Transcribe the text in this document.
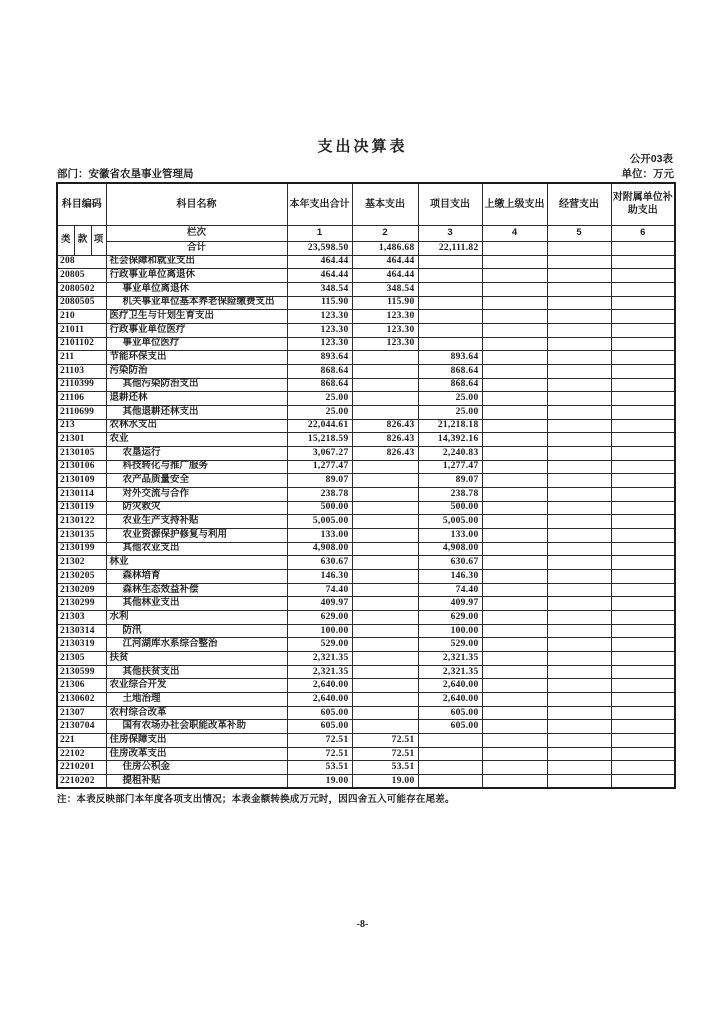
支出决算表
公开03表
部门：安徽省农垦事业管理局	单位：万元
科目编码			科目名称	本年支出合计	基本支出	项目支出	上缴上级支出	经营支出	对附属单位补助支出
类	款	项	栏次	1	2	3	4	5	6
			合计	23,598.50	1,486.68	22,111.82			
208			社会保障和就业支出	464.44	464.44				
20805			行政事业单位离退休	464.44	464.44				
2080502			事业单位离退休	348.54	348.54				
2080505			机关事业单位基本养老保险缴费支出	115.90	115.90				
210			医疗卫生与计划生育支出	123.30	123.30				
21011			行政事业单位医疗	123.30	123.30				
2101102			事业单位医疗	123.30	123.30				
211			节能环保支出	893.64		893.64			
21103			污染防治	868.64		868.64			
2110399			其他污染防治支出	868.64		868.64			
21106			退耕还林	25.00		25.00			
2110699			其他退耕还林支出	25.00		25.00			
213			农林水支出	22,044.61	826.43	21,218.18			
21301			农业	15,218.59	826.43	14,392.16			
2130105			农垦运行	3,067.27	826.43	2,240.83			
2130106			科技转化与推广服务	1,277.47		1,277.47			
2130109			农产品质量安全	89.07		89.07			
2130114			对外交流与合作	238.78		238.78			
2130119			防灾救灾	500.00		500.00			
2130122			农业生产支持补贴	5,005.00		5,005.00			
2130135			农业资源保护修复与利用	133.00		133.00			
2130199			其他农业支出	4,908.00		4,908.00			
21302			林业	630.67		630.67			
2130205			森林培育	146.30		146.30			
2130209			森林生态效益补偿	74.40		74.40			
2130299			其他林业支出	409.97		409.97			
21303			水利	629.00		629.00			
2130314			防汛	100.00		100.00			
2130319			江河湖库水系综合整治	529.00		529.00			
21305			扶贫	2,321.35		2,321.35			
2130599			其他扶贫支出	2,321.35		2,321.35			
21306			农业综合开发	2,640.00		2,640.00			
2130602			土地治理	2,640.00		2,640.00			
21307			农村综合改革	605.00		605.00			
2130704			国有农场办社会职能改革补助	605.00		605.00			
221			住房保障支出	72.51	72.51				
22102			住房改革支出	72.51	72.51				
2210201			住房公积金	53.51	53.51				
2210202			提租补贴	19.00	19.00				
注：本表反映部门本年度各项支出情况；本表金额转换成万元时，因四舍五入可能存在尾差。
-8-
